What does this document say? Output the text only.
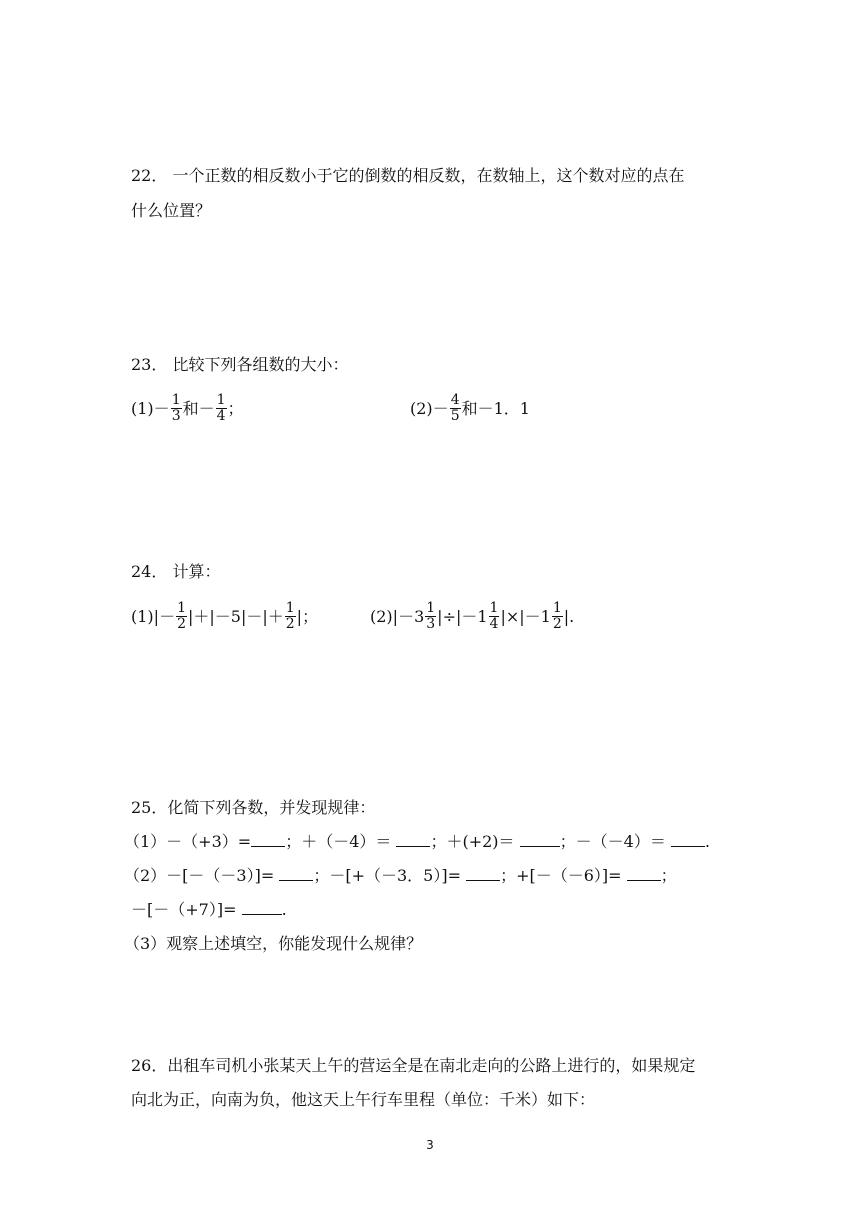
22． 一个正数的相反数小于它的倒数的相反数，在数轴上，这个数对应的点在
什么位置？
23． 比较下列各组数的大小：
$(1)- \frac{1}{3}$ 和－ $\frac{1}{4}$ ；	$(2)- \frac{4}{5}$ 和－1．1
24． 计算：
$(1)|- \frac{1}{2} |+|-5|-|+ \frac{1}{2}$ |；	$(2)|-3 \frac{1}{3} |\div|-1 \frac{1}{4} |\times|-1 \frac{1}{2}$ |.
25．化简下列各数，并发现规律：
（1）－（+3）= ；＋（－4）＝ ；＋(+2)＝	；－（－4）＝ .
（2）－[－（－3）]= ；－[+（－3．5）]= ；+[－（－6）]= ；
－[－（+7）]=	.
（3）观察上述填空，你能发现什么规律？
26．出租车司机小张某天上午的营运全是在南北走向的公路上进行的，如果规定
向北为正，向南为负，他这天上午行车里程（单位：千米）如下：
3
